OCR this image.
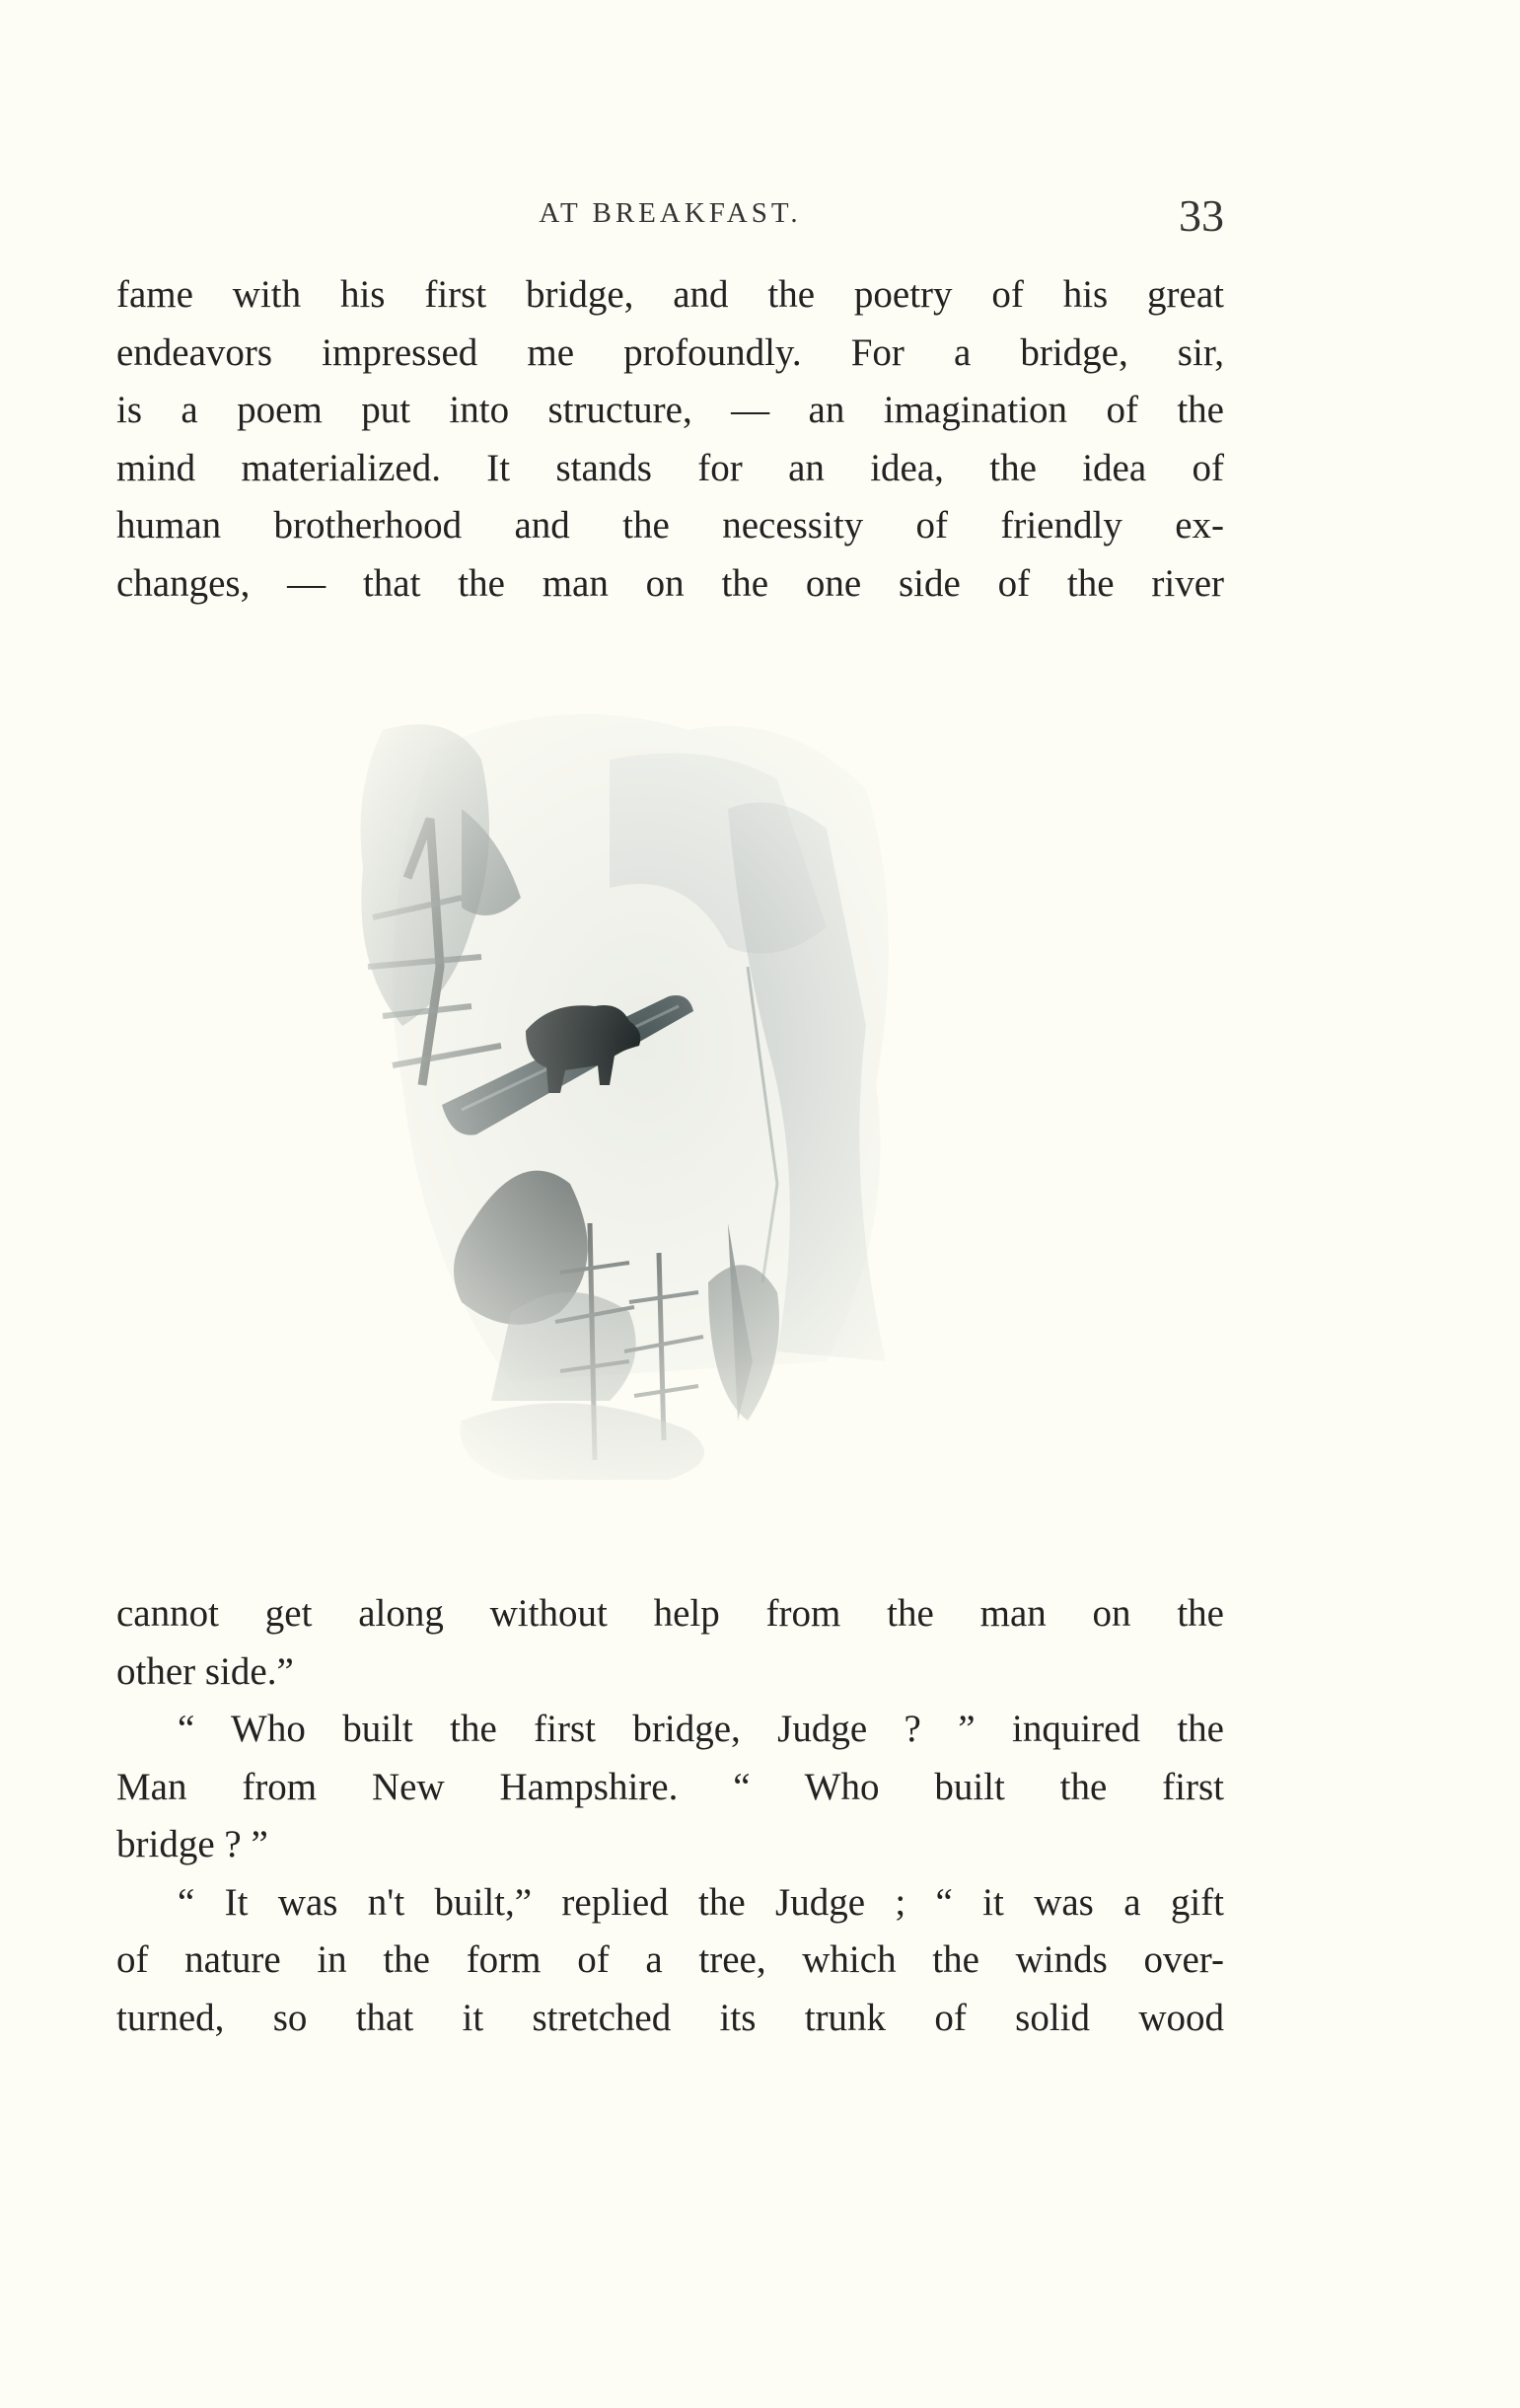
AT BREAKFAST.	33
fame with his first bridge, and the poetry of his great
endeavors impressed me profoundly. For a bridge, sir,
is a poem put into structure, — an imagination of the
mind materialized. It stands for an idea, the idea of
human brotherhood and the necessity of friendly ex-
changes, — that the man on the one side of the river
cannot get along without help from the man on the
other side.”
“ Who built the first bridge, Judge ? ” inquired the
Man from New Hampshire. “ Who built the first
bridge ? ”
“ It was n't built,” replied the Judge ; “ it was a gift
of nature in the form of a tree, which the winds over-
turned, so that it stretched its trunk of solid wood
